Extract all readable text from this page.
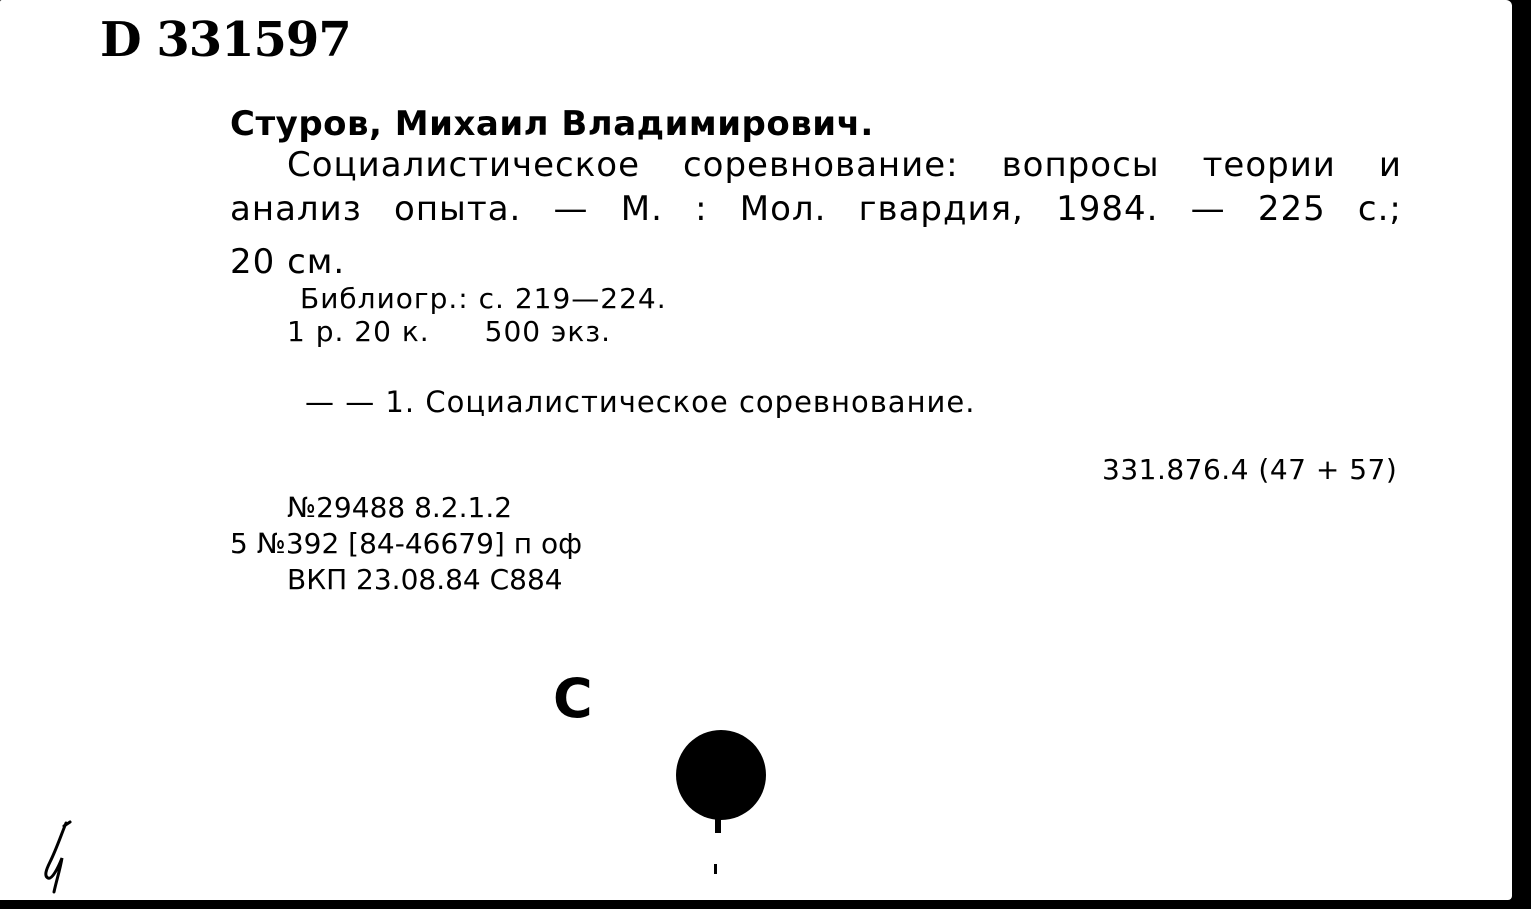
D 331597
Стуров, Михаил Владимирович.
Социалистическое соревнование: вопросы теории и
анализ опыта. — М. : Мол. гвардия, 1984. — 225 с.;
20 см.
Библиогр.: с. 219—224.
1 р. 20 к. 500 экз.
— — 1. Социалистическое соревнование.
331.876.4 (47 + 57)
№29488 8.2.1.2
5 №392 [84-46679] п оф
ВКП 23.08.84 С884
С
